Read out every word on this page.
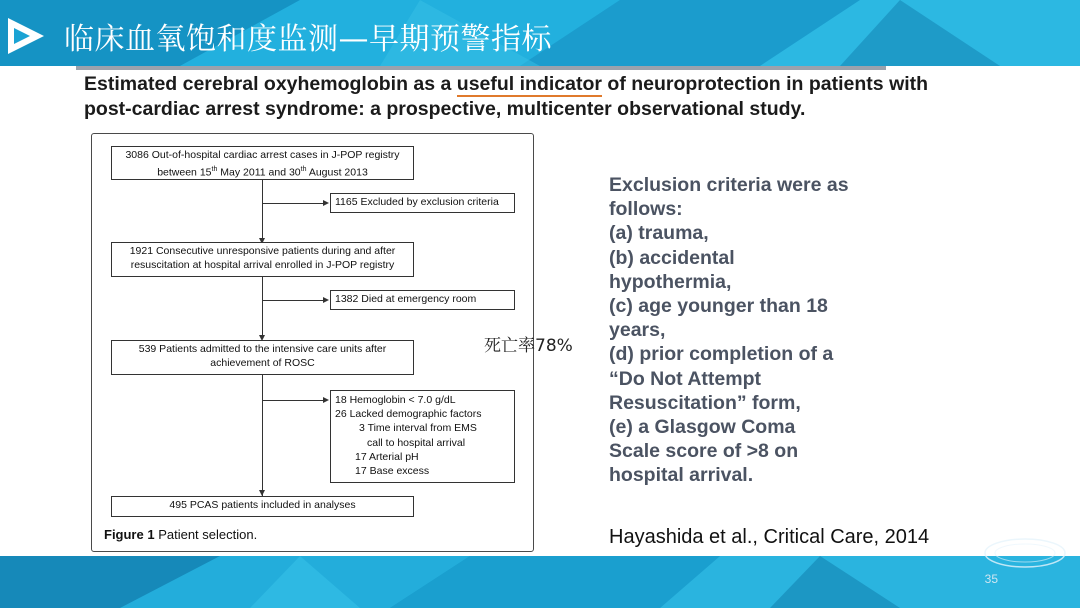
临床血氧饱和度监测—早期预警指标
Estimated cerebral oxyhemoglobin as a useful indicator of neuroprotection in patients with post-cardiac arrest syndrome: a prospective, multicenter observational study.
3086 Out-of-hospital cardiac arrest cases in J-POP registry
between 15th May 2011 and 30th August 2013
1165 Excluded by exclusion criteria
1921 Consecutive unresponsive patients during and after
resuscitation at hospital arrival enrolled in J-POP registry
1382 Died at emergency room
539 Patients admitted to the intensive care units after
achievement of ROSC
18 Hemoglobin < 7.0 g/dL
26 Lacked demographic factors
3 Time interval from EMS
call to hospital arrival
17 Arterial pH
17 Base excess
495 PCAS patients included in analyses
Figure 1 Patient selection.
死亡率78%
Exclusion criteria were as
follows:
(a) trauma,
(b) accidental
hypothermia,
(c) age younger than 18
years,
(d) prior completion of a
“Do Not Attempt
Resuscitation” form,
(e) a Glasgow Coma
Scale score of >8 on
hospital arrival.
Hayashida et al., Critical Care, 2014
35
